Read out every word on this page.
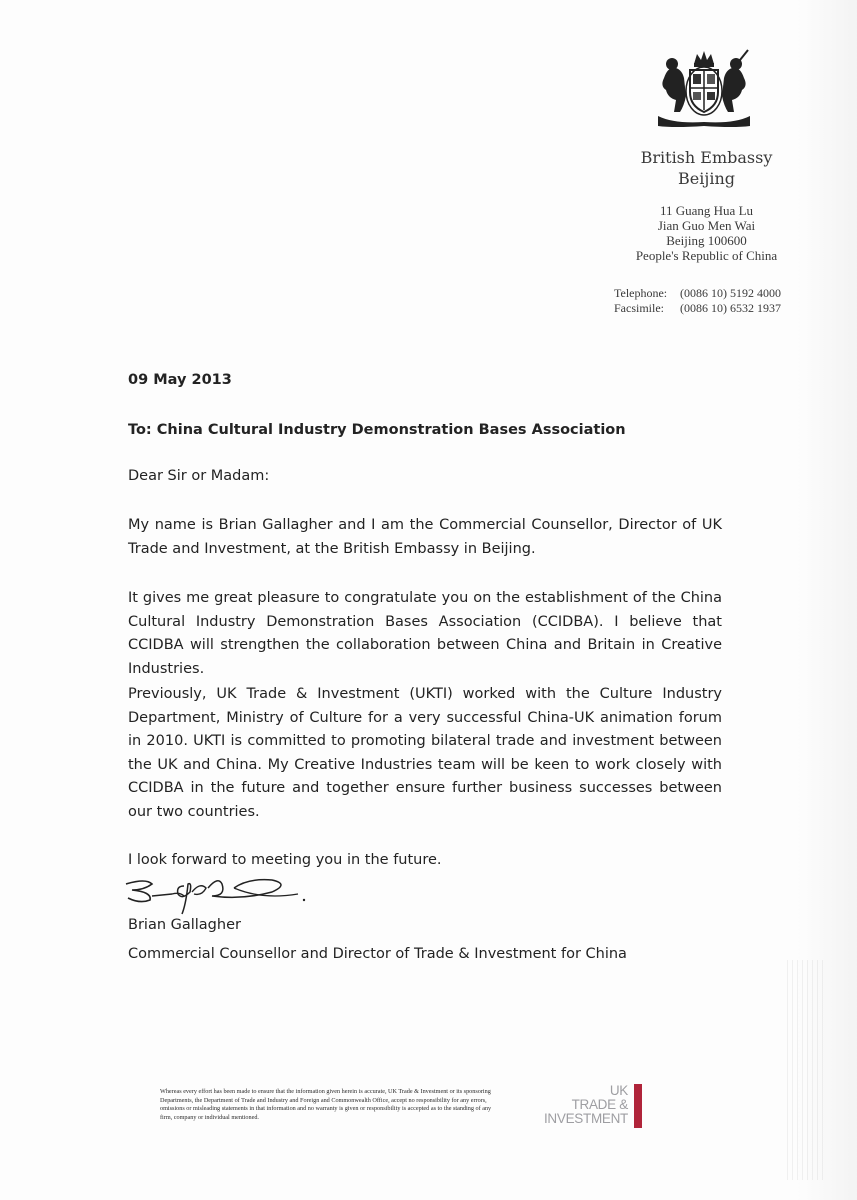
British Embassy
Beijing
11 Guang Hua Lu
Jian Guo Men Wai
Beijing 100600
People's Republic of China
Telephone:	(0086 10) 5192 4000
Facsimile:	(0086 10) 6532 1937
09 May 2013
To: China Cultural Industry Demonstration Bases Association
Dear Sir or Madam:
My name is Brian Gallagher and I am the Commercial Counsellor, Director of UK Trade and Investment, at the British Embassy in Beijing.
It gives me great pleasure to congratulate you on the establishment of the China Cultural Industry Demonstration Bases Association (CCIDBA). I believe that CCIDBA will strengthen the collaboration between China and Britain in Creative Industries.
Previously, UK Trade & Investment (UKTI) worked with the Culture Industry Department, Ministry of Culture for a very successful China-UK animation forum in 2010. UKTI is committed to promoting bilateral trade and investment between the UK and China. My Creative Industries team will be keen to work closely with CCIDBA in the future and together ensure further business successes between our two countries.
I look forward to meeting you in the future.
Brian Gallagher
Commercial Counsellor and Director of Trade & Investment for China
Whereas every effort has been made to ensure that the information given herein is accurate, UK Trade & Investment or its sponsoring Departments, the Department of Trade and Industry and Foreign and Commonwealth Office, accept no responsibility for any errors, omissions or misleading statements in that information and no warranty is given or responsibility is accepted as to the standing of any firm, company or individual mentioned.
UK
TRADE &
INVESTMENT
